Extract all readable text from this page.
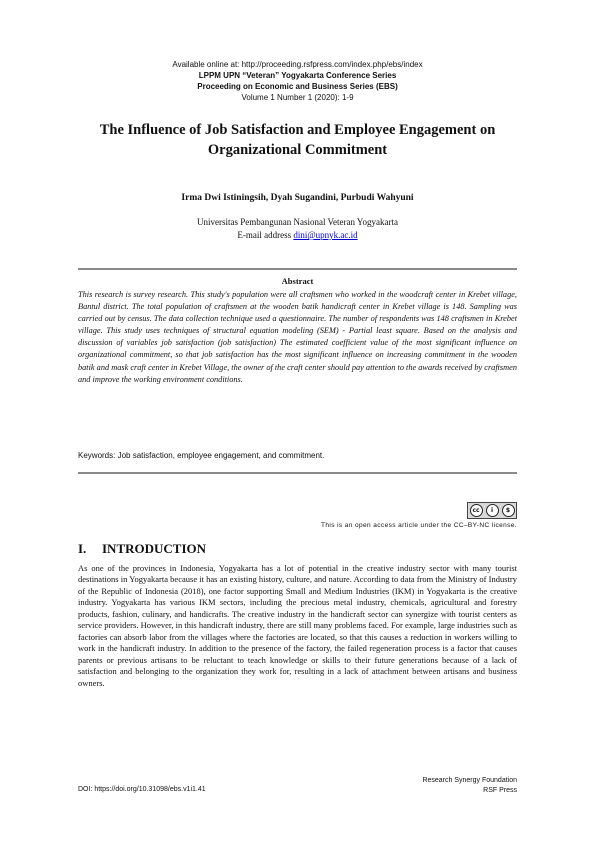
Available online at: http://proceeding.rsfpress.com/index.php/ebs/index
LPPM UPN “Veteran” Yogyakarta Conference Series
Proceeding on Economic and Business Series (EBS)
Volume 1 Number 1 (2020): 1-9
The Influence of Job Satisfaction and Employee Engagement on Organizational Commitment
Irma Dwi Istiningsih, Dyah Sugandini, Purbudi Wahyuni
Universitas Pembangunan Nasional Veteran Yogyakarta
E-mail address dini@upnyk.ac.id
Abstract
This research is survey research. This study's population were all craftsmen who worked in the woodcraft center in Krebet village, Bantul district. The total population of craftsmen at the wooden batik handicraft center in Krebet village is 148. Sampling was carried out by census. The data collection technique used a questionnaire. The number of respondents was 148 craftsmen in Krebet village. This study uses techniques of structural equation modeling (SEM) - Partial least square. Based on the analysis and discussion of variables job satisfaction (job satisfaction) The estimated coefficient value of the most significant influence on organizational commitment, so that job satisfaction has the most significant influence on increasing commitment in the wooden batik and mask craft center in Krebet Village, the owner of the craft center should pay attention to the awards received by craftsmen and improve the working environment conditions.
Keywords: Job satisfaction, employee engagement, and commitment.
cc	i	$
This is an open access article under the CC–BY-NC license.
I. INTRODUCTION
As one of the provinces in Indonesia, Yogyakarta has a lot of potential in the creative industry sector with many tourist destinations in Yogyakarta because it has an existing history, culture, and nature. According to data from the Ministry of Industry of the Republic of Indonesia (2018), one factor supporting Small and Medium Industries (IKM) in Yogyakarta is the creative industry. Yogyakarta has various IKM sectors, including the precious metal industry, chemicals, agricultural and forestry products, fashion, culinary, and handicrafts. The creative industry in the handicraft sector can synergize with tourist centers as service providers. However, in this handicraft industry, there are still many problems faced. For example, large industries such as factories can absorb labor from the villages where the factories are located, so that this causes a reduction in workers willing to work in the handicraft industry. In addition to the presence of the factory, the failed regeneration process is a factor that causes parents or previous artisans to be reluctant to teach knowledge or skills to their future generations because of a lack of satisfaction and belonging to the organization they work for, resulting in a lack of attachment between artisans and business owners.
Research Synergy Foundation
RSF Press
DOI: https://doi.org/10.31098/ebs.v1i1.41
